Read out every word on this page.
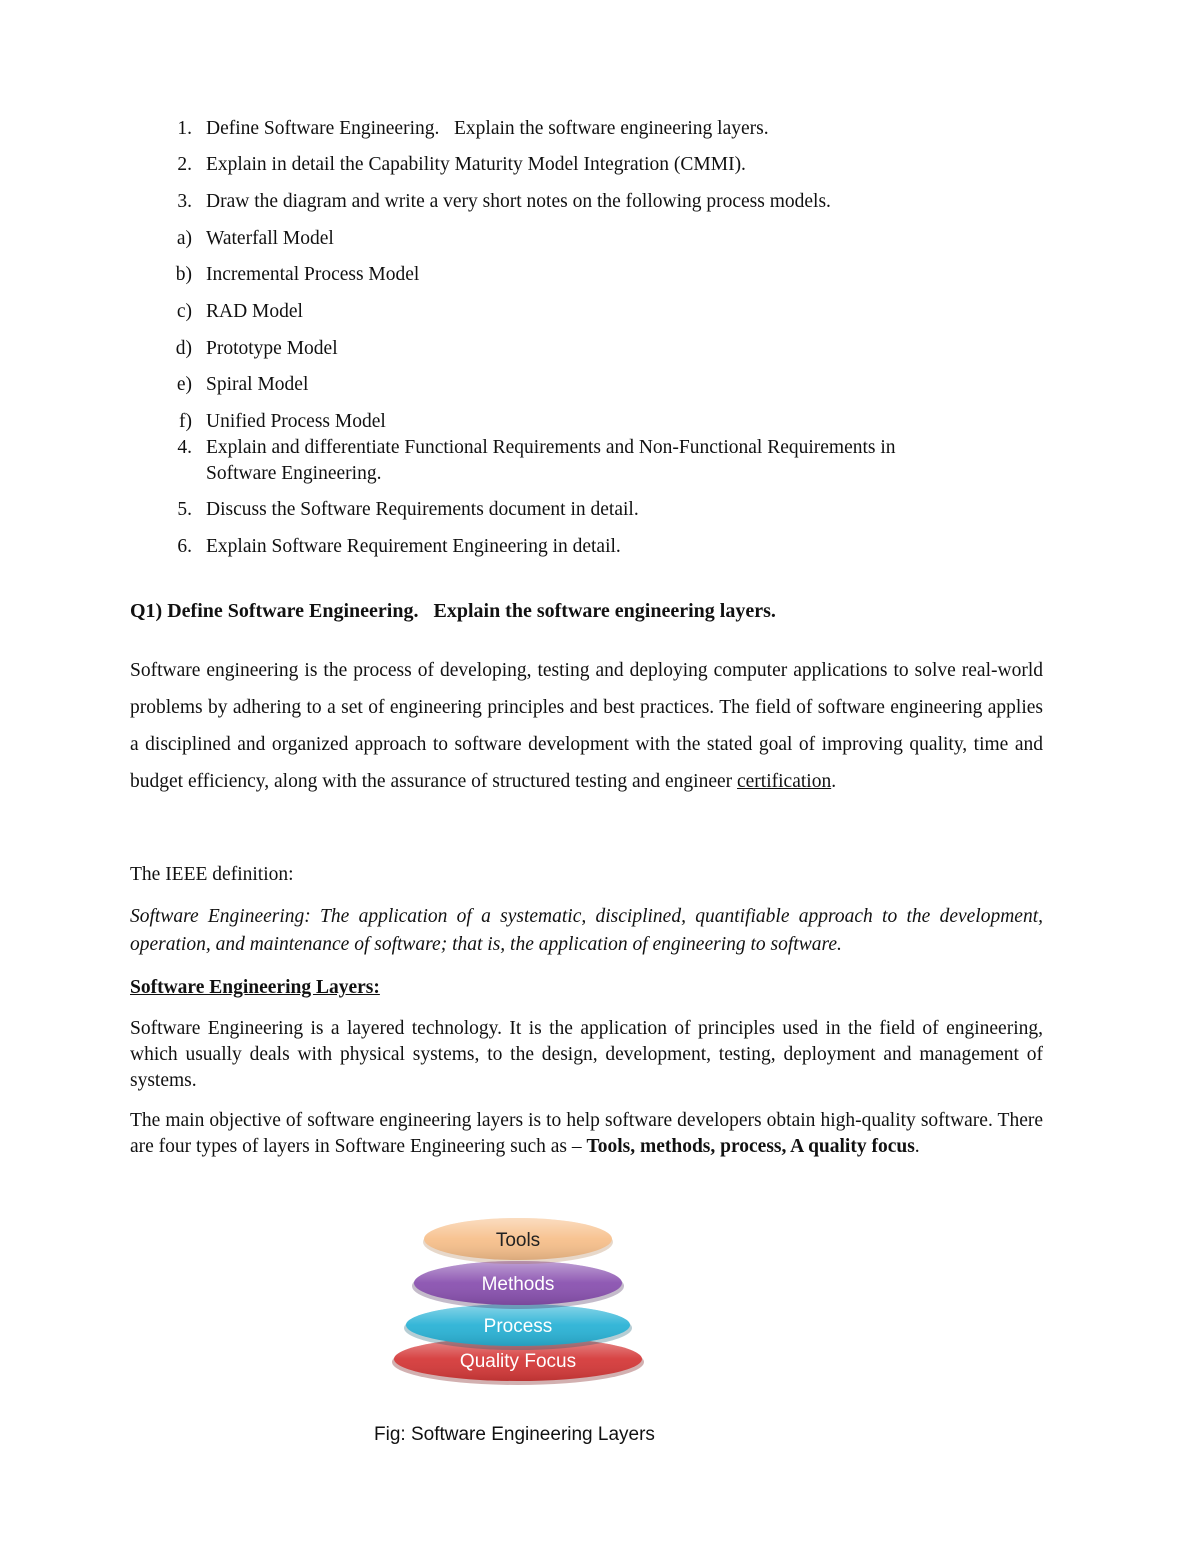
1. Define Software Engineering.   Explain the software engineering layers.
2. Explain in detail the Capability Maturity Model Integration (CMMI).
3. Draw the diagram and write a very short notes on the following process models.
a) Waterfall Model
b) Incremental Process Model
c) RAD Model
d) Prototype Model
e) Spiral Model
f) Unified Process Model
4. Explain and differentiate Functional Requirements and Non-Functional Requirements in
Software Engineering.
5. Discuss the Software Requirements document in detail.
6. Explain Software Requirement Engineering in detail.
Q1) Define Software Engineering.   Explain the software engineering layers.
Software engineering is the process of developing, testing and deploying computer applications to solve real-world problems by adhering to a set of engineering principles and best practices. The field of software engineering applies a disciplined and organized approach to software development with the stated goal of improving quality, time and budget efficiency, along with the assurance of structured testing and engineer certification.
The IEEE definition:
Software Engineering: The application of a systematic, disciplined, quantifiable approach to the development, operation, and maintenance of software; that is, the application of engineering to software.
Software Engineering Layers:
Software Engineering is a layered technology. It is the application of principles used in the field of engineering, which usually deals with physical systems, to the design, development, testing, deployment and management of systems.
The main objective of software engineering layers is to help software developers obtain high-quality software. There are four types of layers in Software Engineering such as – Tools, methods, process, A quality focus.
Quality Focus
Process
Methods
Tools
Fig: Software Engineering Layers
